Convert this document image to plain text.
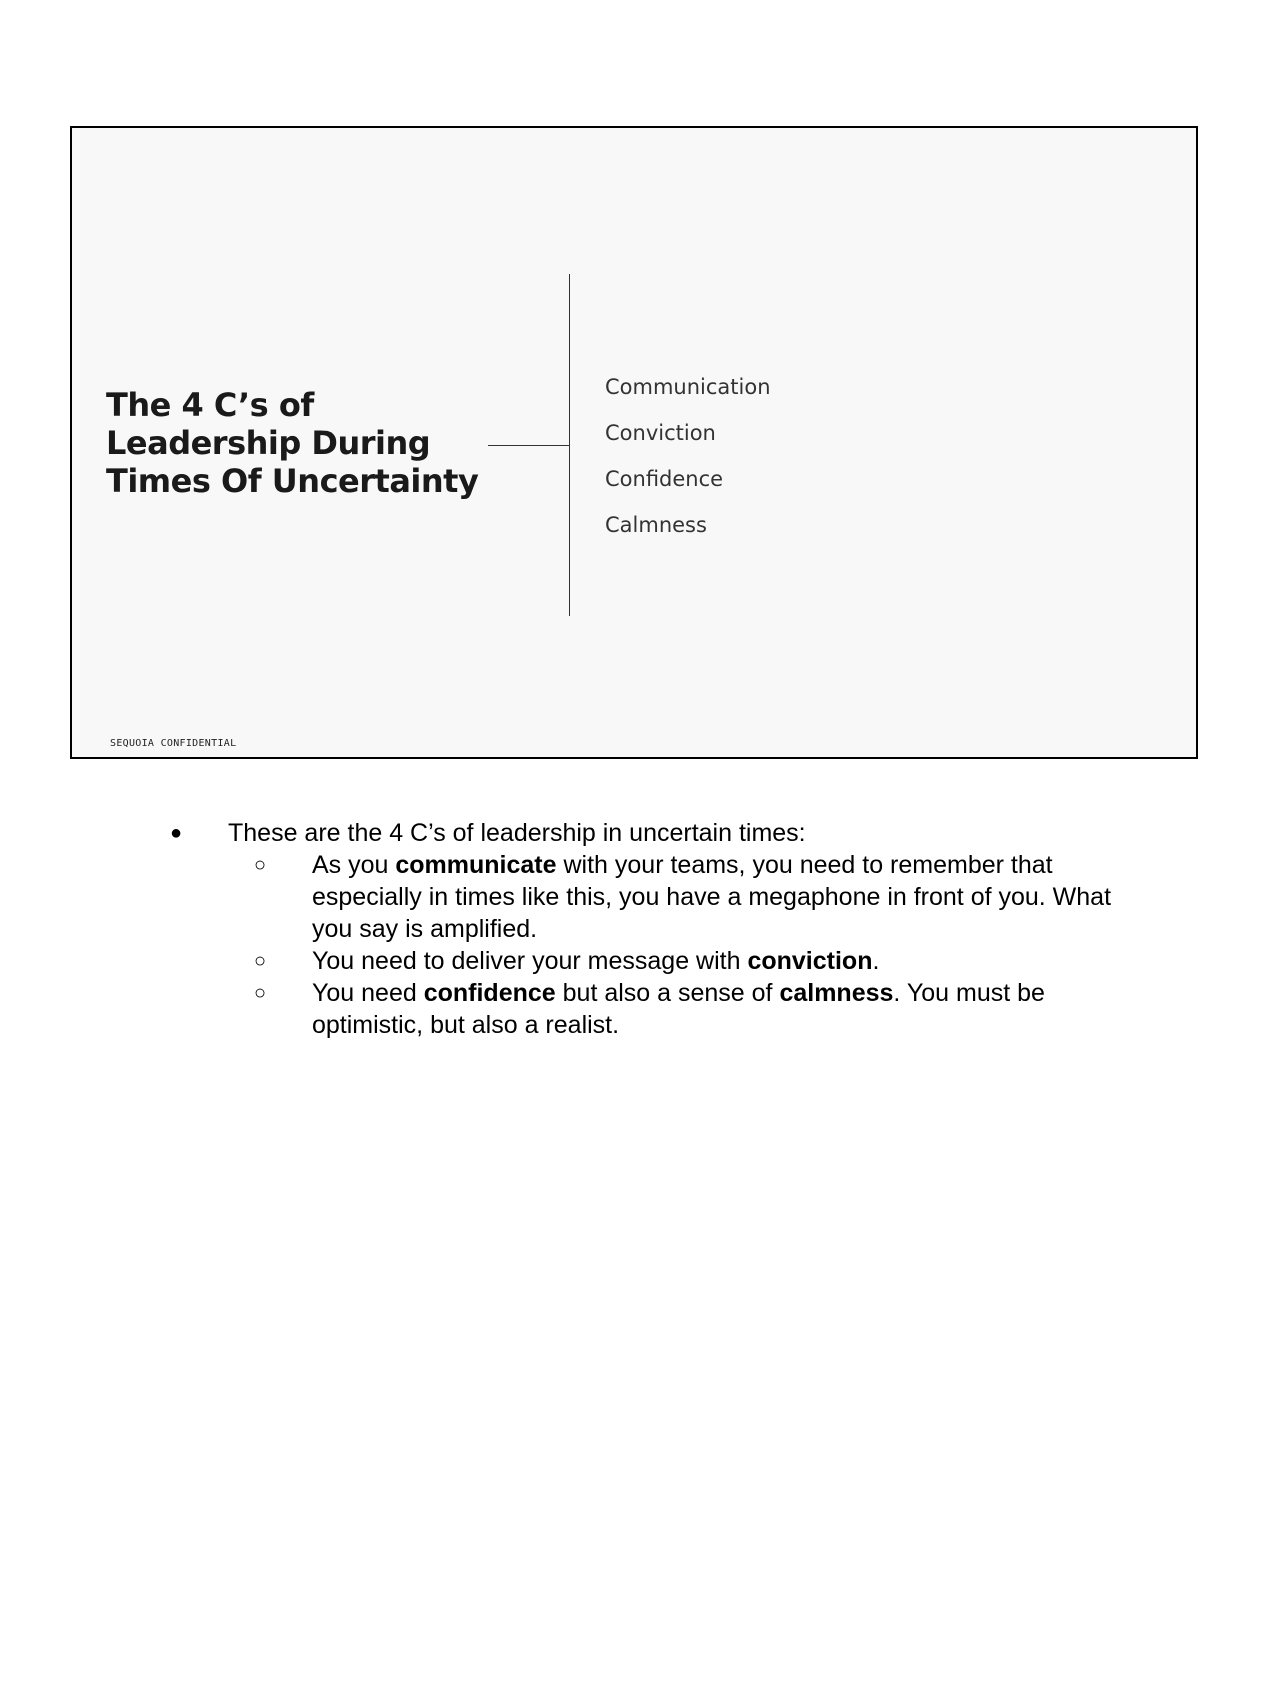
The 4 C’s of Leadership During Times Of Uncertainty
Communication
Conviction
Confidence
Calmness
SEQUOIA CONFIDENTIAL
● These are the 4 C’s of leadership in uncertain times:
○ As you communicate with your teams, you need to remember that especially in times like this, you have a megaphone in front of you. What you say is amplified.
○ You need to deliver your message with conviction.
○ You need confidence but also a sense of calmness. You must be optimistic, but also a realist.
